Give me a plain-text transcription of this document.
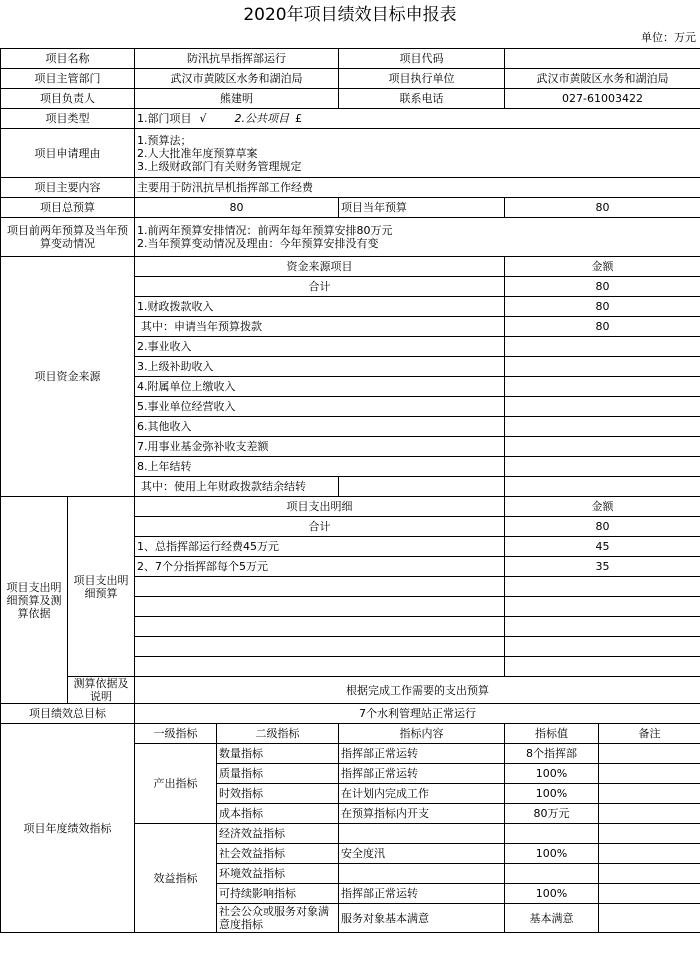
2020年项目绩效目标申报表
单位：万元
项目名称		防汛抗旱指挥部运行		项目代码		
项目主管部门		武汉市黄陂区水务和湖泊局		项目执行单位	武汉市黄陂区水务和湖泊局	
项目负责人		熊建明		联系电话	027-61003422	
项目类型		1.部门项目 √ 2.公共项目 £				
项目申请理由		1.预算法；
2.人大批准年度预算草案
3.上级财政部门有关财务管理规定				

项目主要内容		主要用于防汛抗旱机指挥部工作经费				
项目总预算		80		项目当年预算	80	
项目前两年预算及当年预算变动情况		1.前两年预算安排情况：前两年每年预算安排80万元
2.当年预算变动情况及理由：今年预算安排没有变				

项目资金来源		资金来源项目			金额	
		合计			80	
		1.财政拨款收入			80	
		其中：申请当年预算拨款			80	
		2.事业收入				
		3.上级补助收入				
		4.附属单位上缴收入				
		5.事业单位经营收入				
		6.其他收入				
		7.用事业基金弥补收支差额				
		8.上年结转				
		其中：使用上年财政拨款结余结转				
项目支出明细预算及测算依据	项目支出明细预算	项目支出明细			金额	
		合计			80	
		1、总指挥部运行经费45万元			45	
		2、7个分指挥部每个5万元			35	

	测算依据及说明	根据完成工作需要的支出预算				

项目绩效总目标		7个水利管理站正常运行				
项目年度绩效指标		一级指标	二级指标	指标内容	指标值	备注
		产出指标	数量指标	指挥部正常运转	8个指挥部	
			质量指标	指挥部正常运转	100%	
			时效指标	在计划内完成工作	100%	
			成本指标	在预算指标内开支	80万元	
		效益指标	经济效益指标			
			社会效益指标	安全度汛	100%	
			环境效益指标			
			可持续影响指标	指挥部正常运转	100%	
			社会公众或服务对象满意度指标	服务对象基本满意	基本满意	
